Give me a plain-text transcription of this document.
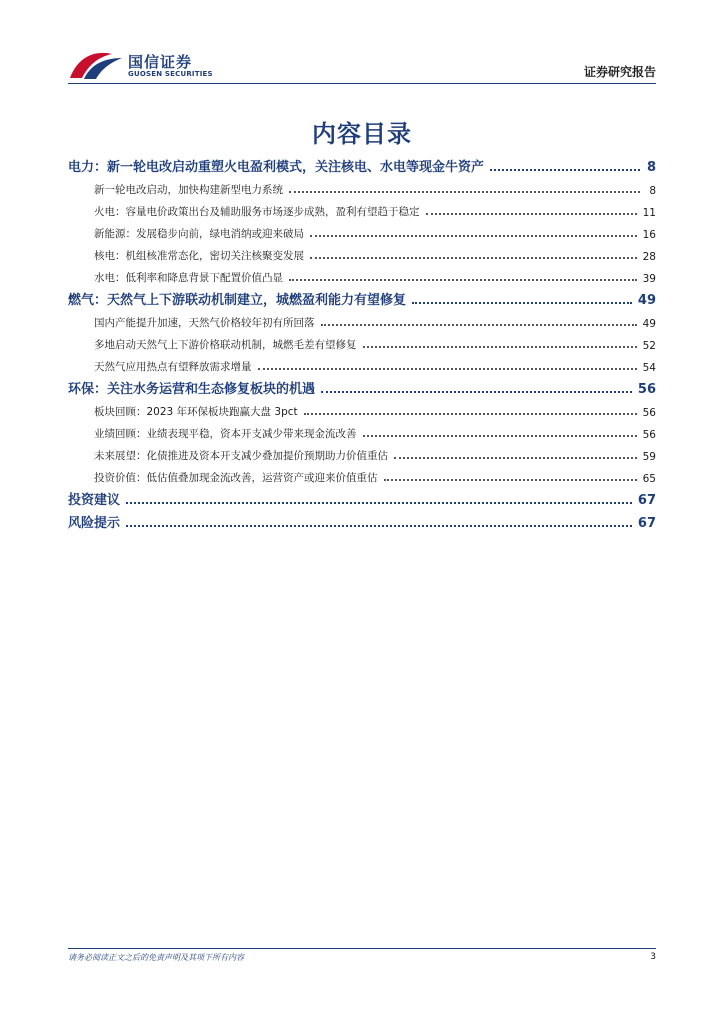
国信证券
GUOSEN SECURITIES	证券研究报告
内容目录
电力：新一轮电改启动重塑火电盈利模式，关注核电、水电等现金牛资产	8
新一轮电改启动，加快构建新型电力系统	8
火电：容量电价政策出台及辅助服务市场逐步成熟，盈利有望趋于稳定	11
新能源：发展稳步向前，绿电消纳或迎来破局	16
核电：机组核准常态化，密切关注核聚变发展	28
水电：低利率和降息背景下配置价值凸显	39
燃气：天然气上下游联动机制建立，城燃盈利能力有望修复	49
国内产能提升加速，天然气价格较年初有所回落	49
多地启动天然气上下游价格联动机制，城燃毛差有望修复	52
天然气应用热点有望释放需求增量	54
环保：关注水务运营和生态修复板块的机遇	56
板块回顾：2023 年环保板块跑赢大盘 3pct	56
业绩回顾：业绩表现平稳，资本开支减少带来现金流改善	56
未来展望：化债推进及资本开支减少叠加提价预期助力价值重估	59
投资价值：低估值叠加现金流改善，运营资产或迎来价值重估	65
投资建议	67
风险提示	67
请务必阅读正文之后的免责声明及其项下所有内容	3
